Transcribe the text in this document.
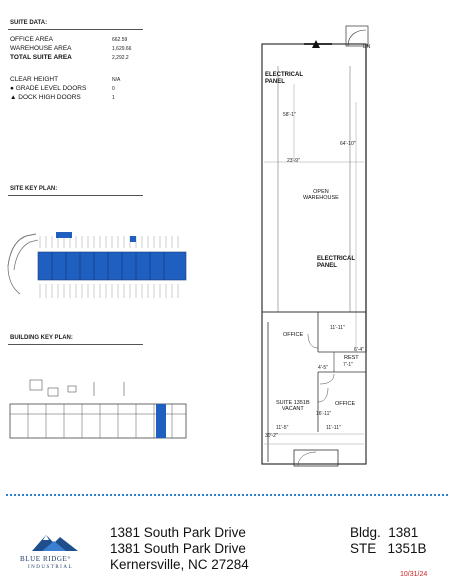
SUITE DATA:
OFFICE AREA	662.59
WAREHOUSE AREA	1,629.66
TOTAL SUITE AREA	2,292.2
CLEAR HEIGHT	N/A
● GRADE LEVEL DOORS	0
▲ DOCK HIGH DOORS	1
SITE KEY PLAN:
BUILDING KEY PLAN:
DN
ELECTRICAL
PANEL
58'-1"
64'-10"
23'-9"
OPEN
WAREHOUSE
ELECTRICAL
PANEL
11'-11"
OFFICE
6'-4"
REST
7'-1"
4'-5"
SUITE 1351B
VACANT
OFFICE
16'-11"
11'-5"	11'-11"
30'-2"
BLUE RIDGE®
INDUSTRIAL
1381 South Park Drive
1381 South Park Drive
Kernersville, NC 27284
Bldg.  1381
STE   1351B
10/31/24
